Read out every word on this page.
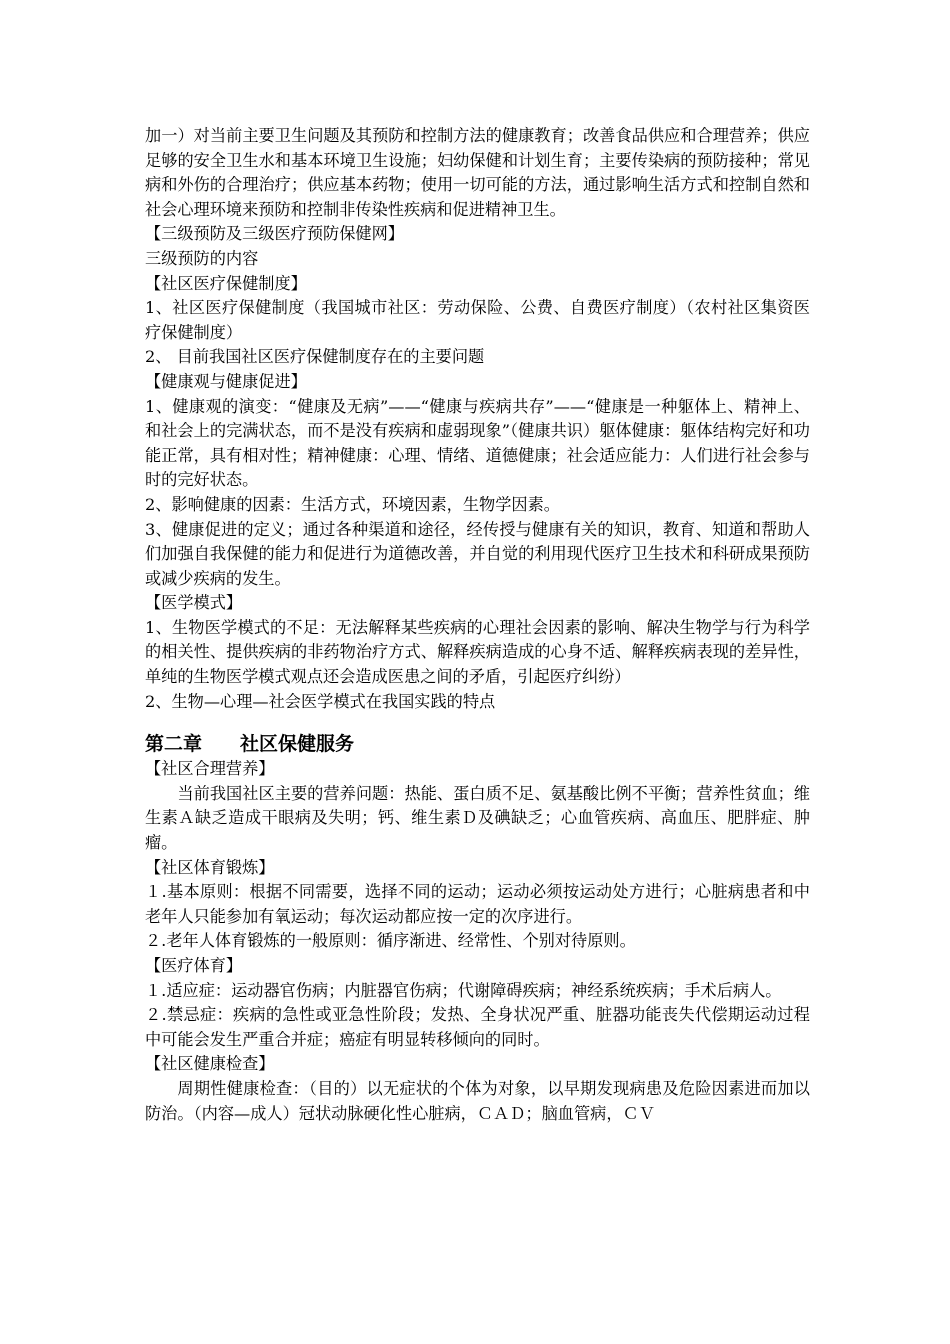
加一）对当前主要卫生问题及其预防和控制方法的健康教育；改善食品供应和合理营养；供应足够的安全卫生水和基本环境卫生设施；妇幼保健和计划生育；主要传染病的预防接种；常见病和外伤的合理治疗；供应基本药物；使用一切可能的方法，通过影响生活方式和控制自然和社会心理环境来预防和控制非传染性疾病和促进精神卫生。

【三级预防及三级医疗预防保健网】

三级预防的内容

【社区医疗保健制度】

1、社区医疗保健制度（我国城市社区：劳动保险、公费、自费医疗制度）（农村社区集资医疗保健制度）

2、 目前我国社区医疗保健制度存在的主要问题

【健康观与健康促进】

1、健康观的演变：“健康及无病”——“健康与疾病共存”——“健康是一种躯体上、精神上、和社会上的完满状态，而不是没有疾病和虚弱现象”（健康共识）躯体健康：躯体结构完好和功能正常，具有相对性；精神健康：心理、情绪、道德健康；社会适应能力：人们进行社会参与时的完好状态。

2、影响健康的因素：生活方式，环境因素，生物学因素。

3、健康促进的定义；通过各种渠道和途径，经传授与健康有关的知识，教育、知道和帮助人们加强自我保健的能力和促进行为道德改善，并自觉的利用现代医疗卫生技术和科研成果预防或减少疾病的发生。

【医学模式】

1、生物医学模式的不足：无法解释某些疾病的心理社会因素的影响、解决生物学与行为科学的相关性、提供疾病的非药物治疗方式、解释疾病造成的心身不适、解释疾病表现的差异性，单纯的生物医学模式观点还会造成医患之间的矛盾，引起医疗纠纷）

2、生物—心理—社会医学模式在我国实践的特点

第二章　　社区保健服务

【社区合理营养】

当前我国社区主要的营养问题：热能、蛋白质不足、氨基酸比例不平衡；营养性贫血；维生素Ａ缺乏造成干眼病及失明；钙、维生素Ｄ及碘缺乏；心血管疾病、高血压、肥胖症、肿瘤。

【社区体育锻炼】

１.基本原则：根据不同需要，选择不同的运动；运动必须按运动处方进行；心脏病患者和中老年人只能参加有氧运动；每次运动都应按一定的次序进行。

２.老年人体育锻炼的一般原则：循序渐进、经常性、个别对待原则。

【医疗体育】

１.适应症：运动器官伤病；内脏器官伤病；代谢障碍疾病；神经系统疾病；手术后病人。

２.禁忌症：疾病的急性或亚急性阶段；发热、全身状况严重、脏器功能丧失代偿期运动过程中可能会发生严重合并症；癌症有明显转移倾向的同时。

【社区健康检查】

周期性健康检查：（目的）以无症状的个体为对象，以早期发现病患及危险因素进而加以防治。（内容—成人）冠状动脉硬化性心脏病，ＣＡＤ；脑血管病，ＣＶ
